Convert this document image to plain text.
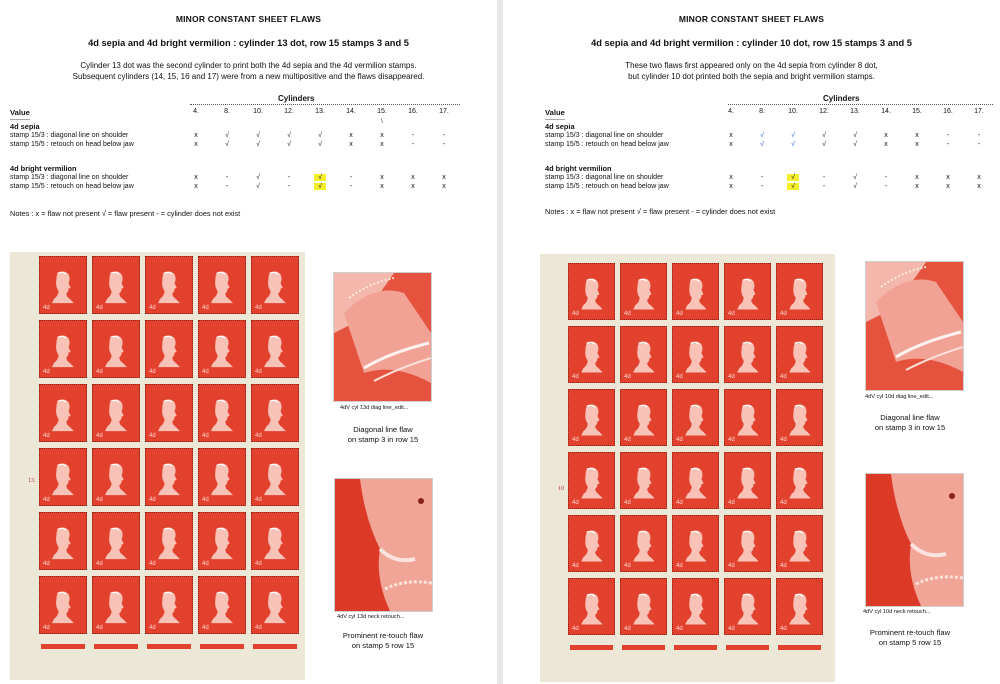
MINOR CONSTANT SHEET FLAWS
4d sepia and 4d bright vermilion : cylinder 13 dot, row 15 stamps 3 and 5
Cylinder 13 dot was the second cylinder to print both the 4d sepia and the 4d vermilion stamps.
Subsequent cylinders (14, 15, 16 and 17) were from a new multipositive and the flaws disappeared.
Cylinders
Value	4.	8.	10.	12.	13.	14.	15.	16.	17.
\
----------
4d sepia
stamp 15/3 : diagonal line on shoulder	x	√	√	√	√	x	x	-	-
stamp 15/5 : retouch on head below jaw	x	√	√	√	√	x	x	-	-
4d bright vermilion
stamp 15/3 : diagonal line on shoulder	x	-	√	-	√	-	x	x	x
stamp 15/5 : retouch on head below jaw	x	-	√	-	√	-	x	x	x
Notes : x = flaw not present √ = flaw present - = cylinder does not exist
4d	4d	4d	4d	4d
4d	4d	4d	4d	4d
4d	4d	4d	4d	4d
4d	4d	4d	4d	4d
4d	4d	4d	4d	4d
4d	4d	4d	4d	4d
13.
4dV cyl 13d diag line_edit...
Diagonal line flaw
on stamp 3 in row 15
4dV cyl 13d neck retouch...
Prominent re-touch flaw
on stamp 5 row 15
MINOR CONSTANT SHEET FLAWS
4d sepia and 4d bright vermilion : cylinder 10 dot, row 15 stamps 3 and 5
These two flaws first appeared only on the 4d sepia from cylinder 8 dot,
but cylinder 10 dot printed both the sepia and bright vermilion stamps.
Cylinders
Value	4.	8.	10.	12.	13.	14.	15.	16.	17.
----------
4d sepia
stamp 15/3 : diagonal line on shoulder	x	√	√	√	√	x	x	-	-
stamp 15/5 : retouch on head below jaw	x	√	√	√	√	x	x	-	-
4d bright vermilion
stamp 15/3 : diagonal line on shoulder	x	-	√	-	√	-	x	x	x
stamp 15/5 : retouch on head below jaw	x	-	√	-	√	-	x	x	x
Notes : x = flaw not present √ = flaw present - = cylinder does not exist
4d	4d	4d	4d	4d
4d	4d	4d	4d	4d
4d	4d	4d	4d	4d
4d	4d	4d	4d	4d
4d	4d	4d	4d	4d
4d	4d	4d	4d	4d
10
4dV cyl 10d diag line_edit...
Diagonal line flaw
on stamp 3 in row 15
4dV cyl 10d neck retouch...
Prominent re-touch flaw
on stamp 5 row 15
